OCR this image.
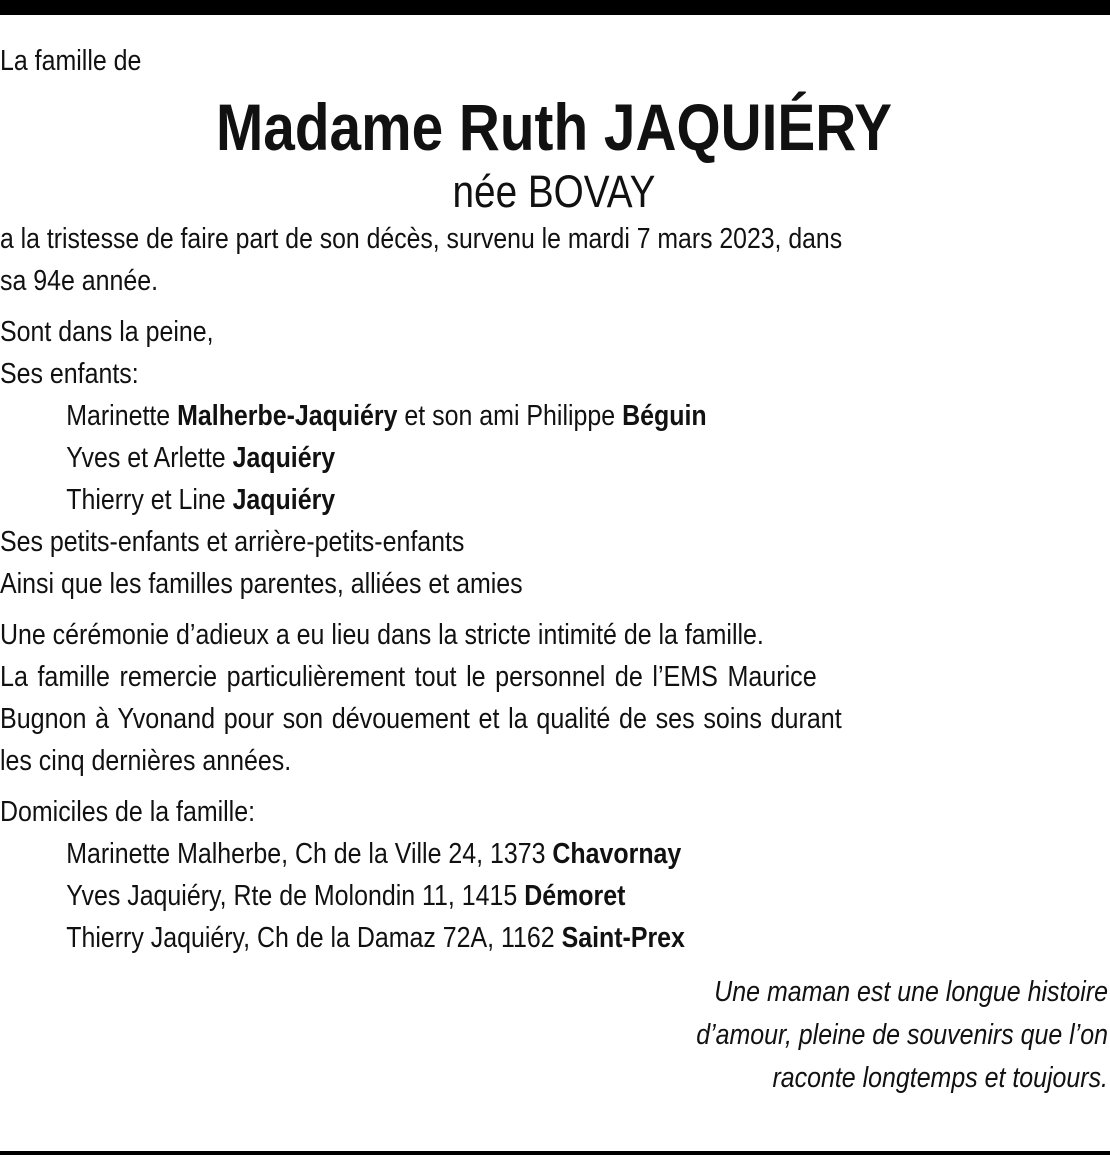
La famille de
Madame Ruth JAQUIÉRY
née BOVAY
a la tristesse de faire part de son décès, survenu le mardi 7 mars 2023, dans
sa 94e année.
Sont dans la peine,
Ses enfants:
Marinette Malherbe-Jaquiéry et son ami Philippe Béguin
Yves et Arlette Jaquiéry
Thierry et Line Jaquiéry
Ses petits-enfants et arrière-petits-enfants
Ainsi que les familles parentes, alliées et amies
Une cérémonie d’adieux a eu lieu dans la stricte intimité de la famille.
La famille remercie particulièrement tout le personnel de l’EMS Maurice
Bugnon à Yvonand pour son dévouement et la qualité de ses soins durant
les cinq dernières années.
Domiciles de la famille:
Marinette Malherbe, Ch de la Ville 24, 1373 Chavornay
Yves Jaquiéry, Rte de Molondin 11, 1415 Démoret
Thierry Jaquiéry, Ch de la Damaz 72A, 1162 Saint-Prex
Une maman est une longue histoire
d’amour, pleine de souvenirs que l’on
raconte longtemps et toujours.
